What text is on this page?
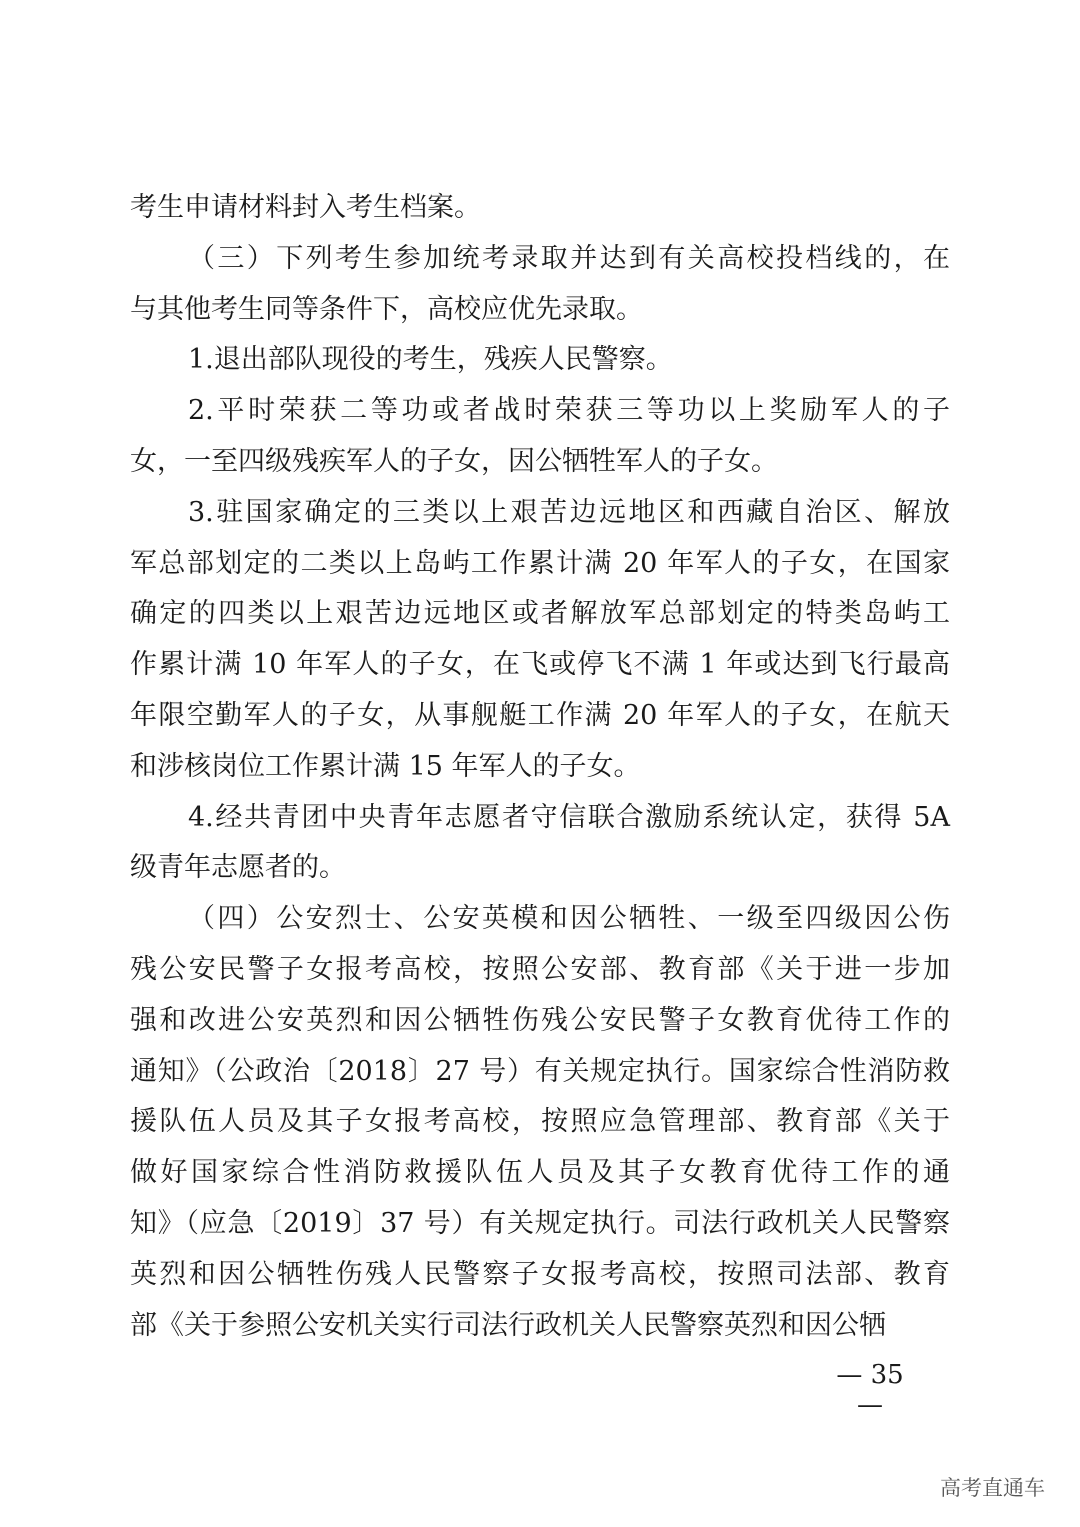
考生申请材料封入考生档案。
（三）下列考生参加统考录取并达到有关高校投档线的，在
与其他考生同等条件下，高校应优先录取。
1.退出部队现役的考生，残疾人民警察。
2.平时荣获二等功或者战时荣获三等功以上奖励军人的子
女，一至四级残疾军人的子女，因公牺牲军人的子女。
3.驻国家确定的三类以上艰苦边远地区和西藏自治区、解放
军总部划定的二类以上岛屿工作累计满 20 年军人的子女，在国家
确定的四类以上艰苦边远地区或者解放军总部划定的特类岛屿工
作累计满 10 年军人的子女，在飞或停飞不满 1 年或达到飞行最高
年限空勤军人的子女，从事舰艇工作满 20 年军人的子女，在航天
和涉核岗位工作累计满 15 年军人的子女。
4.经共青团中央青年志愿者守信联合激励系统认定，获得 5A
级青年志愿者的。
（四）公安烈士、公安英模和因公牺牲、一级至四级因公伤
残公安民警子女报考高校，按照公安部、教育部《关于进一步加
强和改进公安英烈和因公牺牲伤残公安民警子女教育优待工作的
通知》（公政治〔2018〕27 号）有关规定执行。国家综合性消防救
援队伍人员及其子女报考高校，按照应急管理部、教育部《关于
做好国家综合性消防救援队伍人员及其子女教育优待工作的通
知》（应急〔2019〕37 号）有关规定执行。司法行政机关人民警察
英烈和因公牺牲伤残人民警察子女报考高校，按照司法部、教育
部《关于参照公安机关实行司法行政机关人民警察英烈和因公牺
— 35 —
高考直通车
